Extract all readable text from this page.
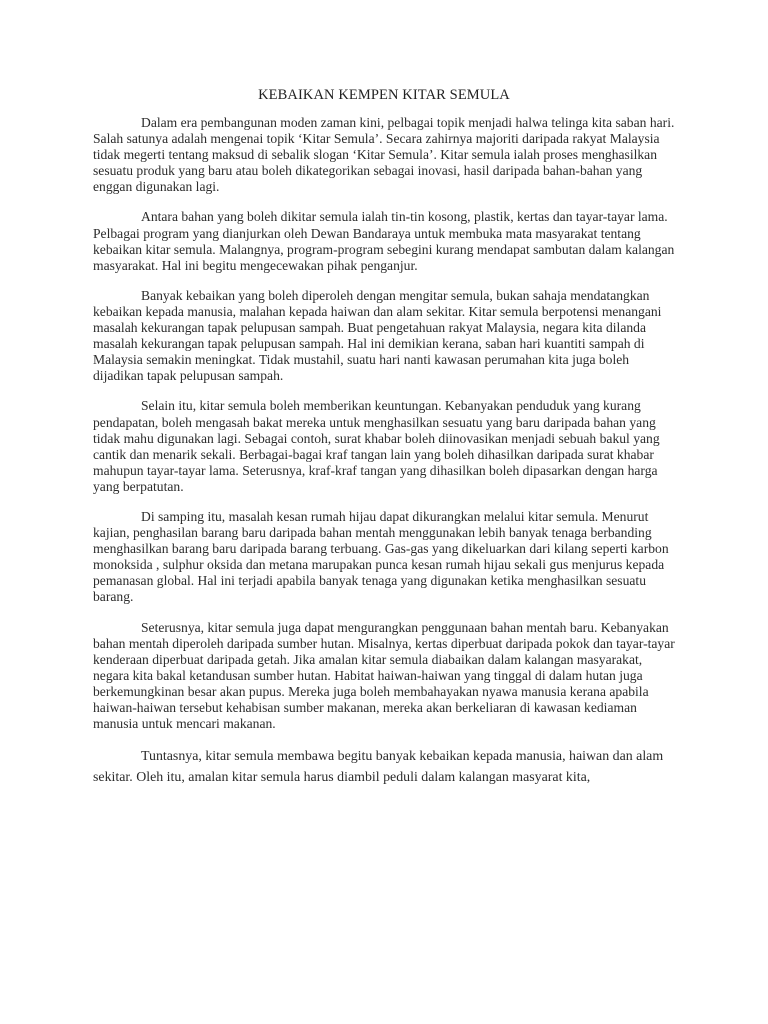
KEBAIKAN KEMPEN KITAR SEMULA

Dalam era pembangunan moden zaman kini, pelbagai topik menjadi halwa telinga kita saban hari. Salah satunya adalah mengenai topik ‘Kitar Semula’. Secara zahirnya majoriti daripada rakyat Malaysia tidak megerti tentang maksud di sebalik slogan ‘Kitar Semula’. Kitar semula ialah proses menghasilkan sesuatu produk yang baru atau boleh dikategorikan sebagai inovasi, hasil daripada bahan-bahan yang enggan digunakan lagi.

Antara bahan yang boleh dikitar semula ialah tin-tin kosong, plastik, kertas dan tayar-tayar lama. Pelbagai program yang dianjurkan oleh Dewan Bandaraya untuk membuka mata masyarakat tentang kebaikan kitar semula. Malangnya, program-program sebegini kurang mendapat sambutan dalam kalangan masyarakat. Hal ini begitu mengecewakan pihak penganjur.

Banyak kebaikan yang boleh diperoleh dengan mengitar semula, bukan sahaja mendatangkan kebaikan kepada manusia, malahan kepada haiwan dan alam sekitar. Kitar semula berpotensi menangani masalah kekurangan tapak pelupusan sampah. Buat pengetahuan rakyat Malaysia, negara kita dilanda masalah kekurangan tapak pelupusan sampah. Hal ini demikian kerana, saban hari kuantiti sampah di Malaysia semakin meningkat. Tidak mustahil, suatu hari nanti kawasan perumahan kita juga boleh dijadikan tapak pelupusan sampah.

Selain itu, kitar semula boleh memberikan keuntungan. Kebanyakan penduduk yang kurang pendapatan, boleh mengasah bakat mereka untuk menghasilkan sesuatu yang baru daripada bahan yang tidak mahu digunakan lagi. Sebagai contoh, surat khabar boleh diinovasikan menjadi sebuah bakul yang cantik dan menarik sekali. Berbagai-bagai kraf tangan lain yang boleh dihasilkan daripada surat khabar mahupun tayar-tayar lama. Seterusnya, kraf-kraf tangan yang dihasilkan boleh dipasarkan dengan harga yang berpatutan.

Di samping itu, masalah kesan rumah hijau dapat dikurangkan melalui kitar semula. Menurut kajian, penghasilan barang baru daripada bahan mentah menggunakan lebih banyak tenaga berbanding menghasilkan barang baru daripada barang terbuang. Gas-gas yang dikeluarkan dari kilang seperti karbon monoksida , sulphur oksida dan metana marupakan punca kesan rumah hijau sekali gus menjurus kepada pemanasan global. Hal ini terjadi apabila banyak tenaga yang digunakan ketika menghasilkan sesuatu barang.

Seterusnya, kitar semula juga dapat mengurangkan penggunaan bahan mentah baru. Kebanyakan bahan mentah diperoleh daripada sumber hutan. Misalnya, kertas diperbuat daripada pokok dan tayar-tayar kenderaan diperbuat daripada getah. Jika amalan kitar semula diabaikan dalam kalangan masyarakat, negara kita bakal ketandusan sumber hutan. Habitat haiwan-haiwan yang tinggal di dalam hutan juga berkemungkinan besar akan pupus. Mereka juga boleh membahayakan nyawa manusia kerana apabila haiwan-haiwan tersebut kehabisan sumber makanan, mereka akan berkeliaran di kawasan kediaman manusia untuk mencari makanan.

Tuntasnya, kitar semula membawa begitu banyak kebaikan kepada manusia, haiwan dan alam sekitar. Oleh itu, amalan kitar semula harus diambil peduli dalam kalangan masyarat kita,
